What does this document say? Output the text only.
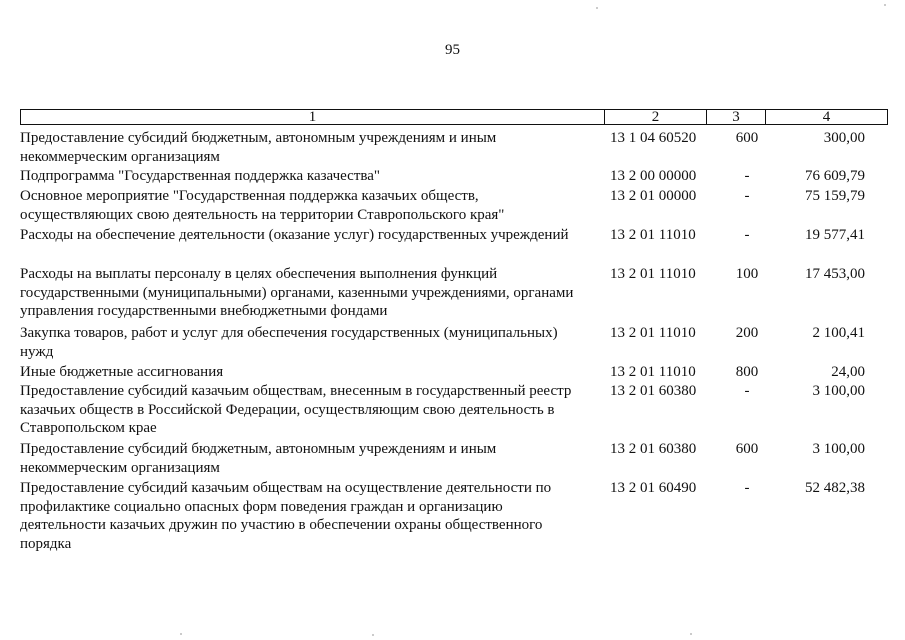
95
1	2	3	4
Предоставление субсидий бюджетным, автономным учреждениям и иным
некоммерческим организациям
13 1 04 60520	600	300,00
Подпрограмма "Государственная поддержка казачества"	13 2 00 00000	-	76 609,79
Основное мероприятие "Государственная поддержка казачьих обществ,
осуществляющих свою деятельность на территории Ставропольского края"
13 2 01 00000	-	75 159,79
Расходы на обеспечение деятельности (оказание услуг) государственных учреждений	13 2 01 11010	-	19 577,41
Расходы на выплаты персоналу в целях обеспечения выполнения функций
государственными (муниципальными) органами, казенными учреждениями, органами
управления государственными внебюджетными фондами
13 2 01 11010	100	17 453,00
Закупка товаров, работ и услуг для обеспечения государственных (муниципальных)
нужд
13 2 01 11010	200	2 100,41
Иные бюджетные ассигнования	13 2 01 11010	800	24,00
Предоставление субсидий казачьим обществам, внесенным в государственный реестр
казачьих обществ в Российской Федерации, осуществляющим свою деятельность в
Ставропольском крае
13 2 01 60380	-	3 100,00
Предоставление субсидий бюджетным, автономным учреждениям и иным
некоммерческим организациям
13 2 01 60380	600	3 100,00
Предоставление субсидий казачьим обществам на осуществление деятельности по
профилактике социально опасных форм поведения граждан и организацию
деятельности казачьих дружин по участию в обеспечении охраны общественного
порядка
13 2 01 60490	-	52 482,38
